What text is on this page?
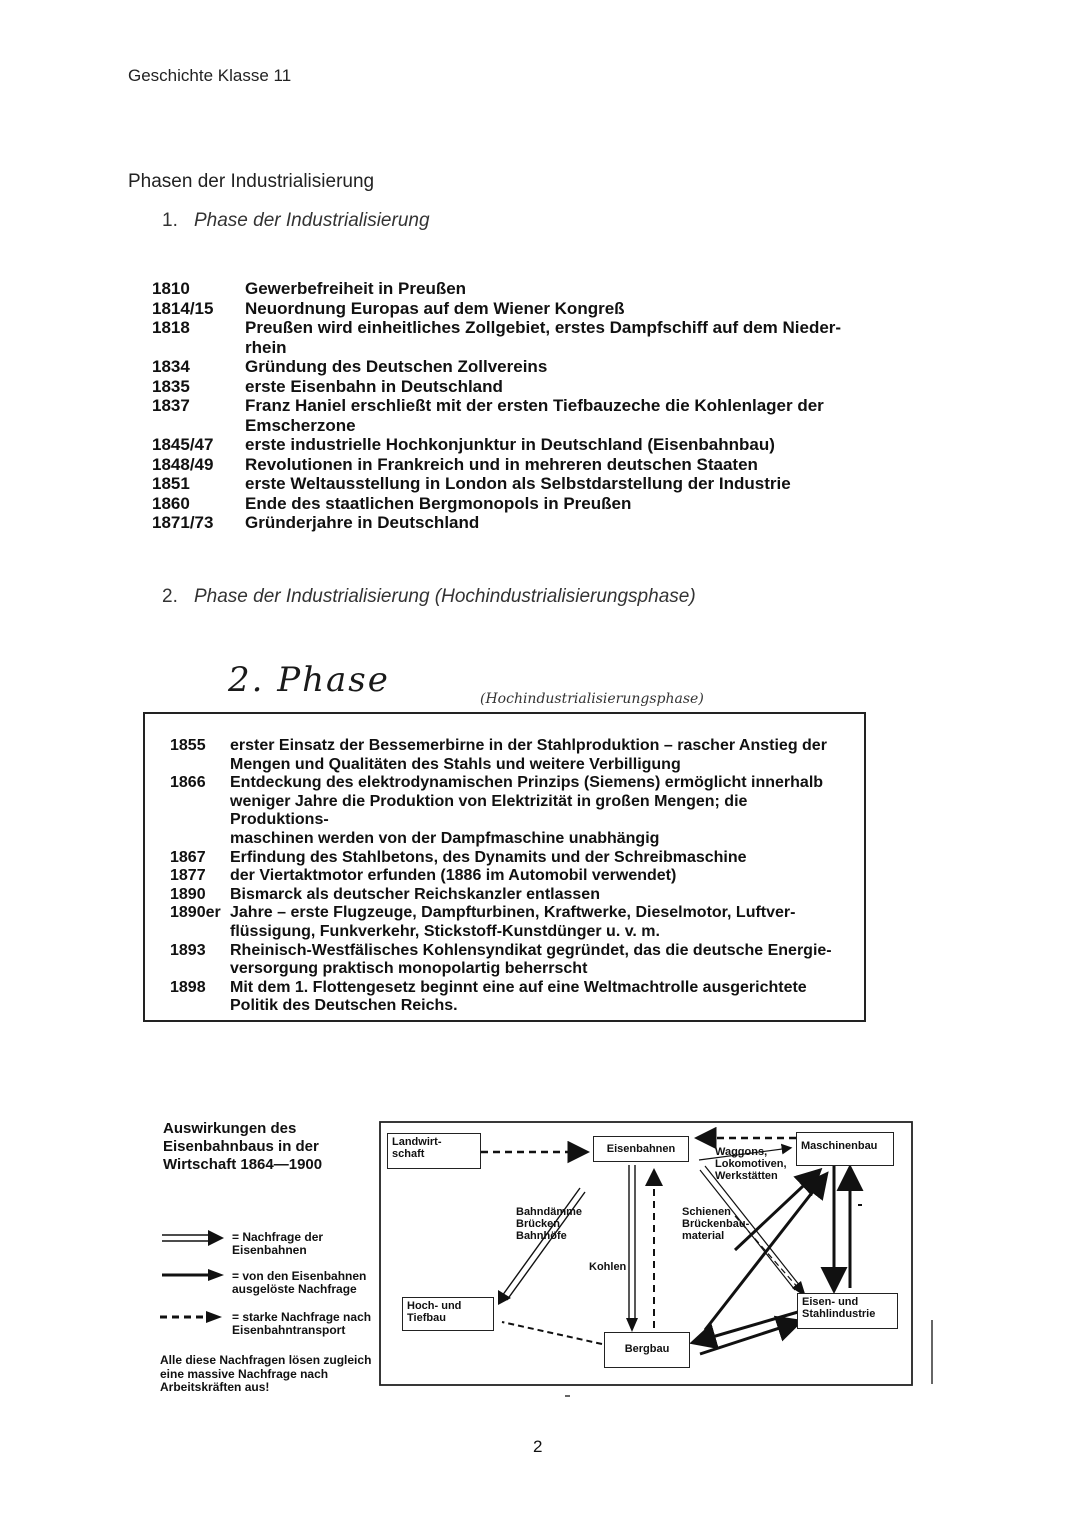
Geschichte Klasse 11
Phasen der Industrialisierung
1. Phase der Industrialisierung
1810	Gewerbefreiheit in Preußen
1814/15	Neuordnung Europas auf dem Wiener Kongreß
1818	Preußen wird einheitliches Zollgebiet, erstes Dampfschiff auf dem Nieder-
rhein
1834	Gründung des Deutschen Zollvereins
1835	erste Eisenbahn in Deutschland
1837	Franz Haniel erschließt mit der ersten Tiefbauzeche die Kohlenlager der
Emscherzone
1845/47	erste industrielle Hochkonjunktur in Deutschland (Eisenbahnbau)
1848/49	Revolutionen in Frankreich und in mehreren deutschen Staaten
1851	erste Weltausstellung in London als Selbstdarstellung der Industrie
1860	Ende des staatlichen Bergmonopols in Preußen
1871/73	Gründerjahre in Deutschland
2. Phase der Industrialisierung (Hochindustrialisierungsphase)
2. Phase	(Hochindustrialisierungsphase)
1855	erster Einsatz der Bessemerbirne in der Stahlproduktion – rascher Anstieg der
Mengen und Qualitäten des Stahls und weitere Verbilligung
1866	Entdeckung des elektrodynamischen Prinzips (Siemens) ermöglicht innerhalb
weniger Jahre die Produktion von Elektrizität in großen Mengen; die Produktions-
maschinen werden von der Dampfmaschine unabhängig
1867	Erfindung des Stahlbetons, des Dynamits und der Schreibmaschine
1877	der Viertaktmotor erfunden (1886 im Automobil verwendet)
1890	Bismarck als deutscher Reichskanzler entlassen
1890er Jahre – erste Flugzeuge, Dampfturbinen, Kraftwerke, Dieselmotor, Luftver-
flüssigung, Funkverkehr, Stickstoff-Kunstdünger u. v. m.
1893	Rheinisch-Westfälisches Kohlensyndikat gegründet, das die deutsche Energie-
versorgung praktisch monopolartig beherrscht
1898	Mit dem 1. Flottengesetz beginnt eine auf eine Weltmachtrolle ausgerichtete
Politik des Deutschen Reichs.
Auswirkungen des Eisenbahnbaus in der Wirtschaft 1864—1900
= Nachfrage der Eisenbahnen
= von den Eisenbahnen ausgelöste Nachfrage
= starke Nachfrage nach Eisenbahntransport
Alle diese Nachfragen lösen zugleich eine massive Nachfrage nach Arbeitskräften aus!
Landwirt-
schaft	Eisenbahnen	Maschinenbau
Hoch- und
Tiefbau
Bergbau
Eisen- und
Stahlindustrie
Waggons,
Lokomotiven,
Werkstätten
Bahndämme
Brücken
Bahnhöfe
Schienen
Brückenbau-
material
Kohlen
2
